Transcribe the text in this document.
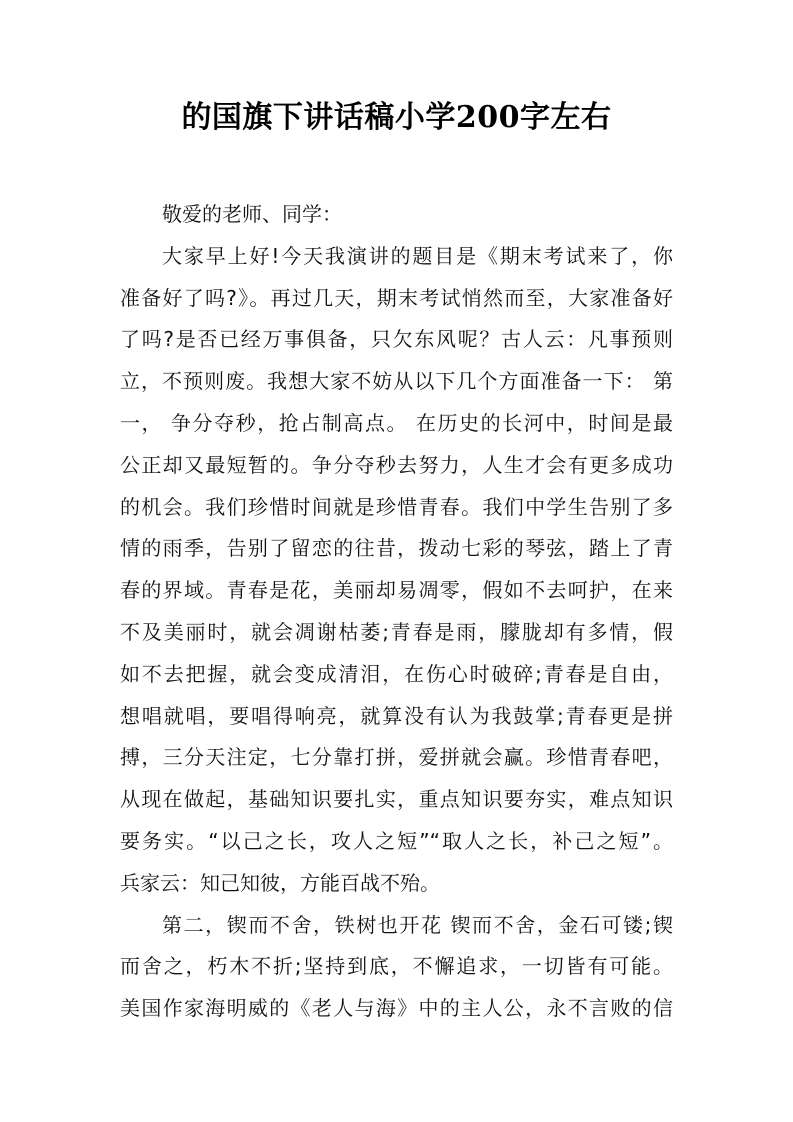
的国旗下讲话稿小学200字左右
敬爱的老师、同学：
大家早上好!今天我演讲的题目是《期末考试来了，你
准备好了吗?》。再过几天，期末考试悄然而至，大家准备好
了吗?是否已经万事俱备，只欠东风呢？古人云：凡事预则
立，不预则废。我想大家不妨从以下几个方面准备一下： 第
一， 争分夺秒，抢占制高点。 在历史的长河中，时间是最
公正却又最短暂的。争分夺秒去努力，人生才会有更多成功
的机会。我们珍惜时间就是珍惜青春。我们中学生告别了多
情的雨季，告别了留恋的往昔，拨动七彩的琴弦，踏上了青
春的界域。青春是花，美丽却易凋零，假如不去呵护，在来
不及美丽时，就会凋谢枯萎;青春是雨，朦胧却有多情，假
如不去把握，就会变成清泪，在伤心时破碎;青春是自由，
想唱就唱，要唱得响亮，就算没有认为我鼓掌;青春更是拼
搏，三分天注定，七分靠打拼，爱拼就会赢。珍惜青春吧，
从现在做起，基础知识要扎实，重点知识要夯实，难点知识
要务实。“以己之长，攻人之短”“取人之长，补己之短”。
兵家云：知己知彼，方能百战不殆。
第二，锲而不舍，铁树也开花 锲而不舍，金石可镂;锲
而舍之，朽木不折;坚持到底，不懈追求，一切皆有可能。
美国作家海明威的《老人与海》中的主人公，永不言败的信
